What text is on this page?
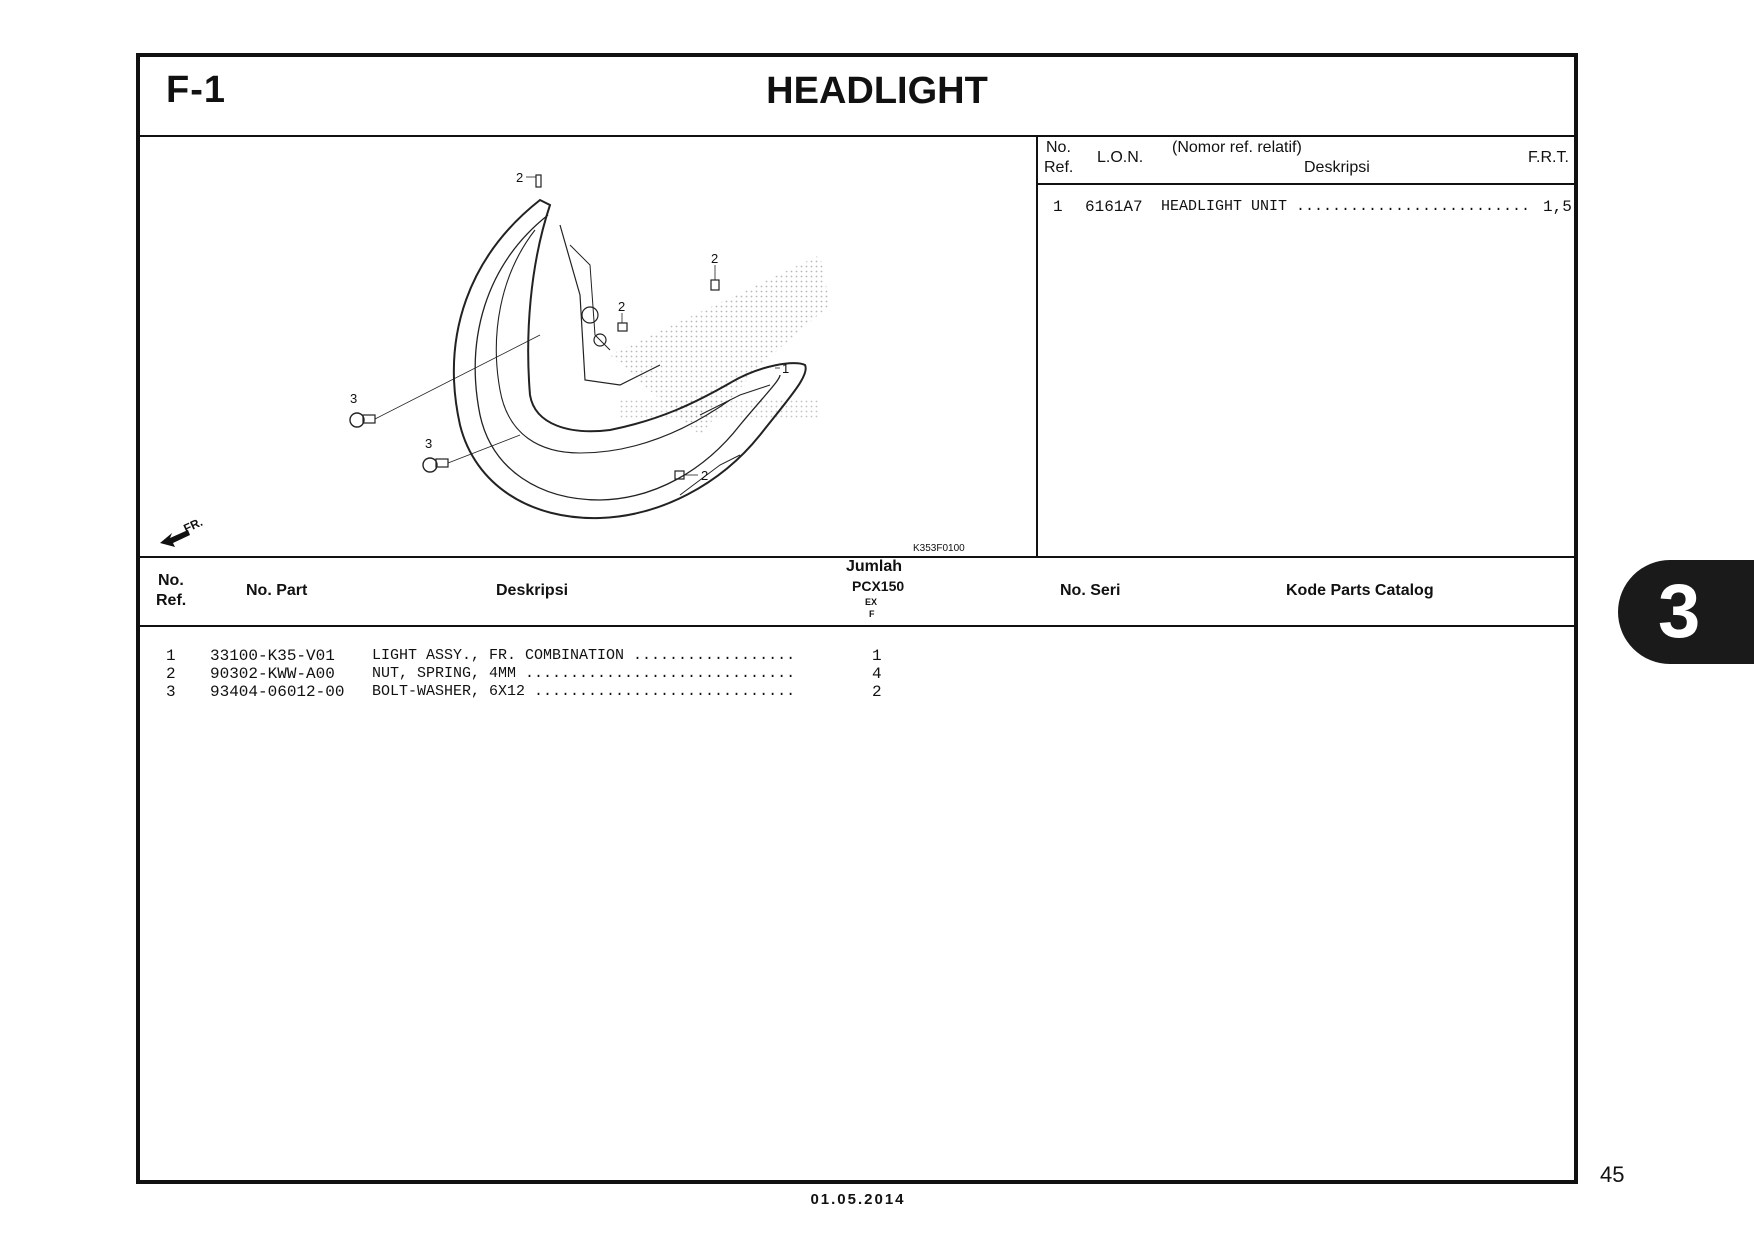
F-1	HEADLIGHT
2
2
2
2
1
3
3
FR.
K353F0100
No.
Ref.
L.O.N.
(Nomor ref. relatif)
Deskripsi
F.R.T.
1 6161A7 HEADLIGHT UNIT .......................... 1,5
No.
Ref.
No. Part	Deskripsi
Jumlah
PCX150
EX
F
No. Seri	Kode Parts Catalog
1 33100-K35-V01 LIGHT ASSY., FR. COMBINATION ..................	1
2 90302-KWW-A00 NUT, SPRING, 4MM ..............................	4
3 93404-06012-00 BOLT-WASHER, 6X12 .............................	2
3
45
01.05.2014
